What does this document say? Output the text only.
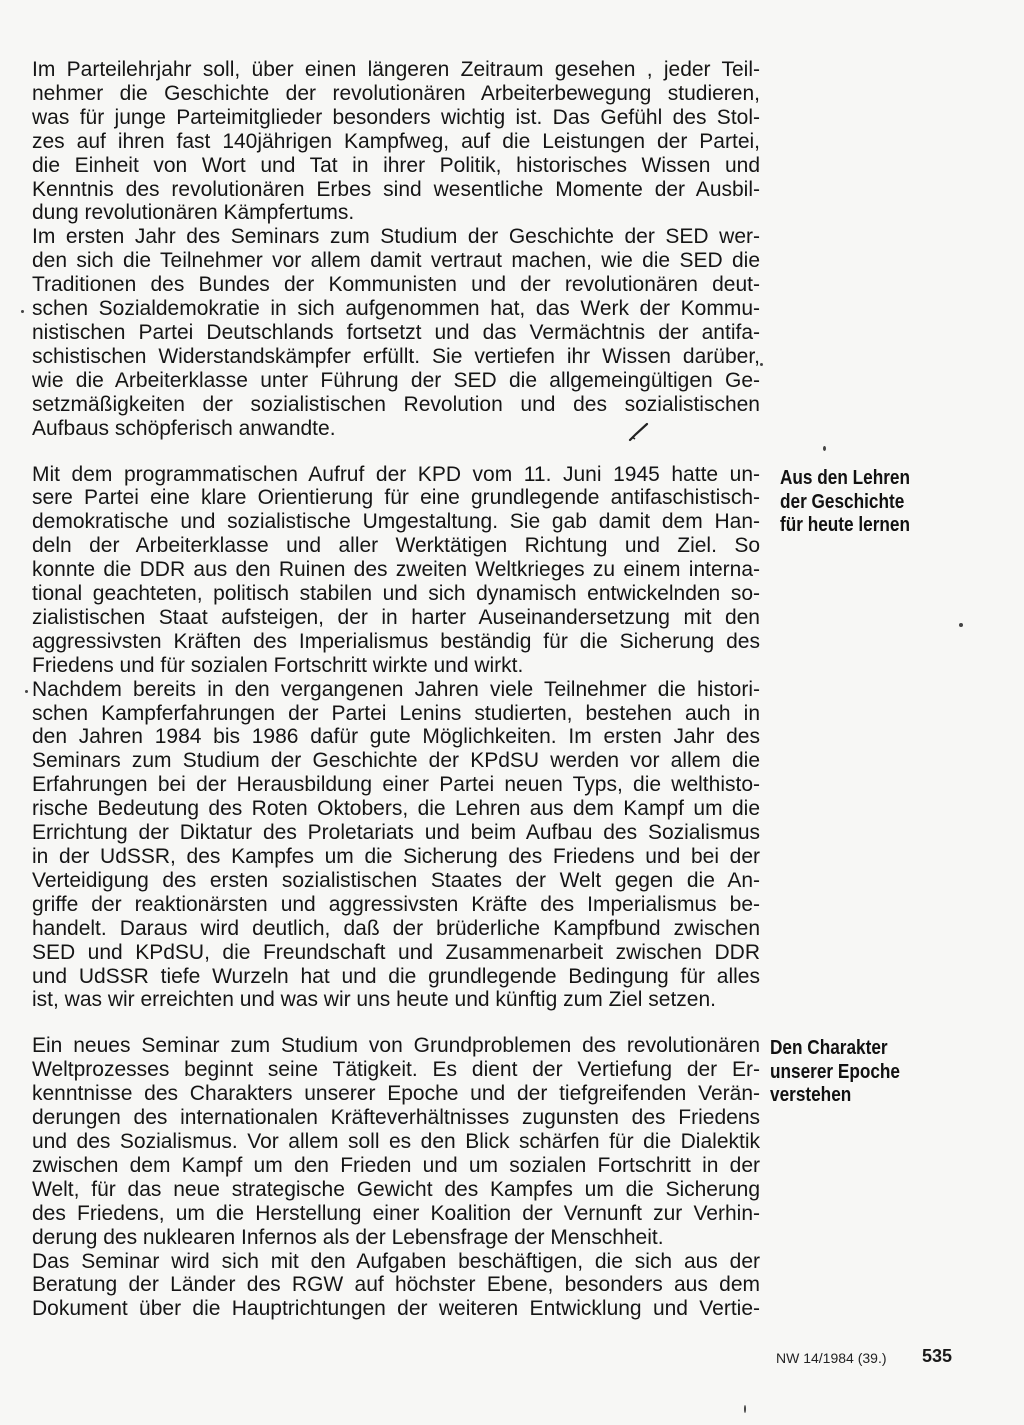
Im Parteilehrjahr soll, über einen längeren Zeitraum gesehen , jeder Teil-
nehmer die Geschichte der revolutionären Arbeiterbewegung studieren,
was für junge Parteimitglieder besonders wichtig ist. Das Gefühl des Stol-
zes auf ihren fast 140jährigen Kampfweg, auf die Leistungen der Partei,
die Einheit von Wort und Tat in ihrer Politik, historisches Wissen und
Kenntnis des revolutionären Erbes sind wesentliche Momente der Ausbil-
dung revolutionären Kämpfertums.
Im ersten Jahr des Seminars zum Studium der Geschichte der SED wer-
den sich die Teilnehmer vor allem damit vertraut machen, wie die SED die
Traditionen des Bundes der Kommunisten und der revolutionären deut-
schen Sozialdemokratie in sich aufgenommen hat, das Werk der Kommu-
nistischen Partei Deutschlands fortsetzt und das Vermächtnis der antifa-
schistischen Widerstandskämpfer erfüllt. Sie vertiefen ihr Wissen darüber,
wie die Arbeiterklasse unter Führung der SED die allgemeingültigen Ge-
setzmäßigkeiten der sozialistischen Revolution und des sozialistischen
Aufbaus schöpferisch anwandte.
Mit dem programmatischen Aufruf der KPD vom 11. Juni 1945 hatte un-
sere Partei eine klare Orientierung für eine grundlegende antifaschistisch-
demokratische und sozialistische Umgestaltung. Sie gab damit dem Han-
deln der Arbeiterklasse und aller Werktätigen Richtung und Ziel. So
konnte die DDR aus den Ruinen des zweiten Weltkrieges zu einem interna-
tional geachteten, politisch stabilen und sich dynamisch entwickelnden so-
zialistischen Staat aufsteigen, der in harter Auseinandersetzung mit den
aggressivsten Kräften des Imperialismus beständig für die Sicherung des
Friedens und für sozialen Fortschritt wirkte und wirkt.
Nachdem bereits in den vergangenen Jahren viele Teilnehmer die histori-
schen Kampferfahrungen der Partei Lenins studierten, bestehen auch in
den Jahren 1984 bis 1986 dafür gute Möglichkeiten. Im ersten Jahr des
Seminars zum Studium der Geschichte der KPdSU werden vor allem die
Erfahrungen bei der Herausbildung einer Partei neuen Typs, die welthisto-
rische Bedeutung des Roten Oktobers, die Lehren aus dem Kampf um die
Errichtung der Diktatur des Proletariats und beim Aufbau des Sozialismus
in der UdSSR, des Kampfes um die Sicherung des Friedens und bei der
Verteidigung des ersten sozialistischen Staates der Welt gegen die An-
griffe der reaktionärsten und aggressivsten Kräfte des Imperialismus be-
handelt. Daraus wird deutlich, daß der brüderliche Kampfbund zwischen
SED und KPdSU, die Freundschaft und Zusammenarbeit zwischen DDR
und UdSSR tiefe Wurzeln hat und die grundlegende Bedingung für alles
ist, was wir erreichten und was wir uns heute und künftig zum Ziel setzen.
Ein neues Seminar zum Studium von Grundproblemen des revolutionären
Weltprozesses beginnt seine Tätigkeit. Es dient der Vertiefung der Er-
kenntnisse des Charakters unserer Epoche und der tiefgreifenden Verän-
derungen des internationalen Kräfteverhältnisses zugunsten des Friedens
und des Sozialismus. Vor allem soll es den Blick schärfen für die Dialektik
zwischen dem Kampf um den Frieden und um sozialen Fortschritt in der
Welt, für das neue strategische Gewicht des Kampfes um die Sicherung
des Friedens, um die Herstellung einer Koalition der Vernunft zur Verhin-
derung des nuklearen Infernos als der Lebensfrage der Menschheit.
Das Seminar wird sich mit den Aufgaben beschäftigen, die sich aus der
Beratung der Länder des RGW auf höchster Ebene, besonders aus dem
Dokument über die Hauptrichtungen der weiteren Entwicklung und Vertie-
Aus den Lehren
der Geschichte
für heute lernen
Den Charakter
unserer Epoche
verstehen
NW 14/1984 (39.) 535
